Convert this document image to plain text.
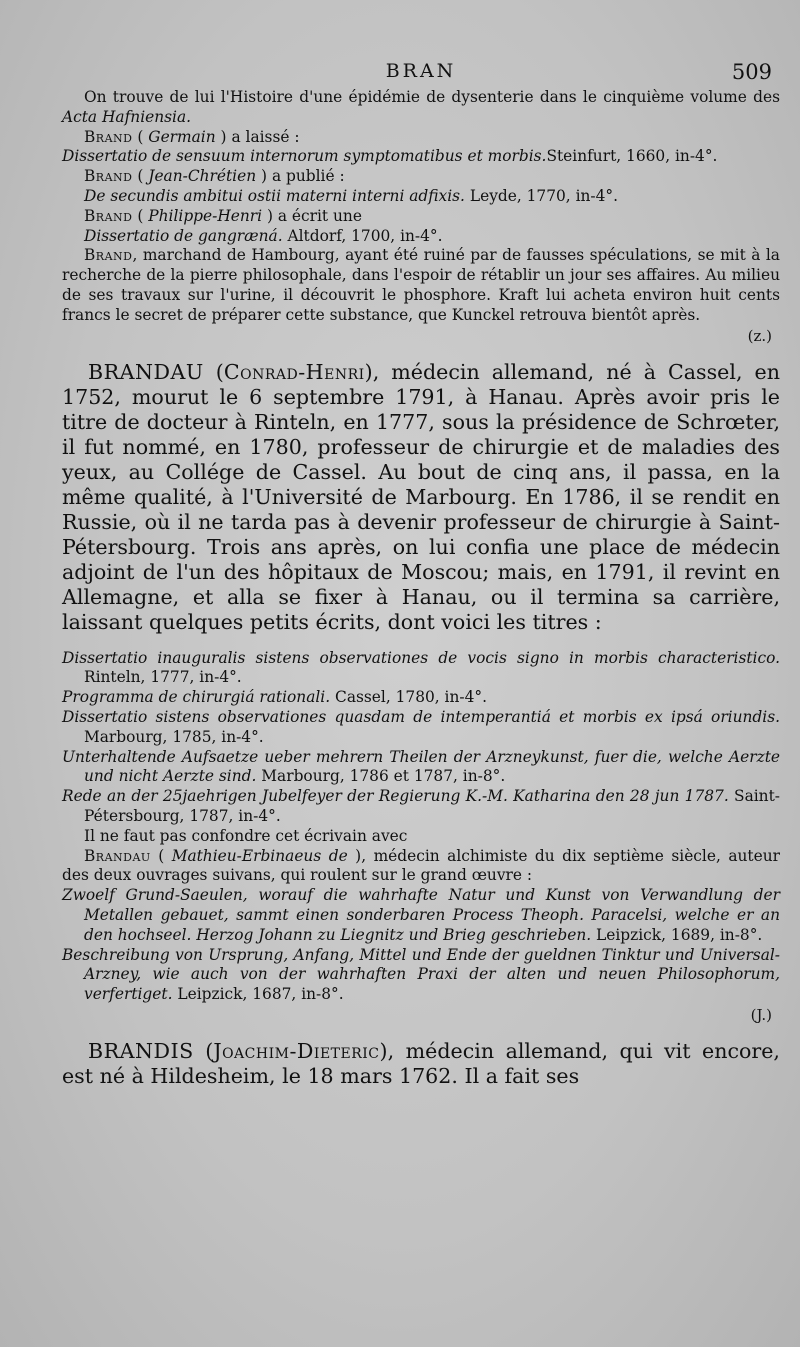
BRAN	509

On trouve de lui l'Histoire d'une épidémie de dysenterie dans le cinquième volume des Acta Hafniensia.

Brand ( Germain ) a laissé :

Dissertatio de sensuum internorum symptomatibus et morbis.Steinfurt, 1660, in-4°.

Brand ( Jean-Chrétien ) a publié :

De secundis ambitui ostii materni interni adfixis. Leyde, 1770, in-4°.

Brand ( Philippe-Henri ) a écrit une

Dissertatio de gangræná. Altdorf, 1700, in-4°.

Brand, marchand de Hambourg, ayant été ruiné par de fausses spéculations, se mit à la recherche de la pierre philosophale, dans l'espoir de rétablir un jour ses affaires. Au milieu de ses travaux sur l'urine, il découvrit le phosphore. Kraft lui acheta environ huit cents francs le secret de préparer cette substance, que Kunckel retrouva bientôt après.

(z.)

BRANDAU (Conrad-Henri), médecin allemand, né à Cassel, en 1752, mourut le 6 septembre 1791, à Hanau. Après avoir pris le titre de docteur à Rinteln, en 1777, sous la présidence de Schrœter, il fut nommé, en 1780, professeur de chirurgie et de maladies des yeux, au Collége de Cassel. Au bout de cinq ans, il passa, en la même qualité, à l'Université de Marbourg. En 1786, il se rendit en Russie, où il ne tarda pas à devenir professeur de chirurgie à Saint-Pétersbourg. Trois ans après, on lui confia une place de médecin adjoint de l'un des hôpitaux de Moscou; mais, en 1791, il revint en Allemagne, et alla se fixer à Hanau, ou il termina sa carrière, laissant quelques petits écrits, dont voici les titres :

Dissertatio inauguralis sistens observationes de vocis signo in morbis characteristico. Rinteln, 1777, in-4°.

Programma de chirurgiá rationali. Cassel, 1780, in-4°.

Dissertatio sistens observationes quasdam de intemperantiá et morbis ex ipsá oriundis. Marbourg, 1785, in-4°.

Unterhaltende Aufsaetze ueber mehrern Theilen der Arzneykunst, fuer die, welche Aerzte und nicht Aerzte sind. Marbourg, 1786 et 1787, in-8°.

Rede an der 25jaehrigen Jubelfeyer der Regierung K.-M. Katharina den 28 jun 1787. Saint-Pétersbourg, 1787, in-4°.

Il ne faut pas confondre cet écrivain avec

Brandau ( Mathieu-Erbinaeus de ), médecin alchimiste du dix septième siècle, auteur des deux ouvrages suivans, qui roulent sur le grand œuvre :

Zwoelf Grund-Saeulen, worauf die wahrhafte Natur und Kunst von Verwandlung der Metallen gebauet, sammt einen sonderbaren Process Theoph. Paracelsi, welche er an den hochseel. Herzog Johann zu Liegnitz und Brieg geschrieben. Leipzick, 1689, in-8°.

Beschreibung von Ursprung, Anfang, Mittel und Ende der gueldnen Tinktur und Universal-Arzney, wie auch von der wahrhaften Praxi der alten und neuen Philosophorum, verfertiget. Leipzick, 1687, in-8°.

(J.)

BRANDIS (Joachim-Dieteric), médecin allemand, qui vit encore, est né à Hildesheim, le 18 mars 1762. Il a fait ses
